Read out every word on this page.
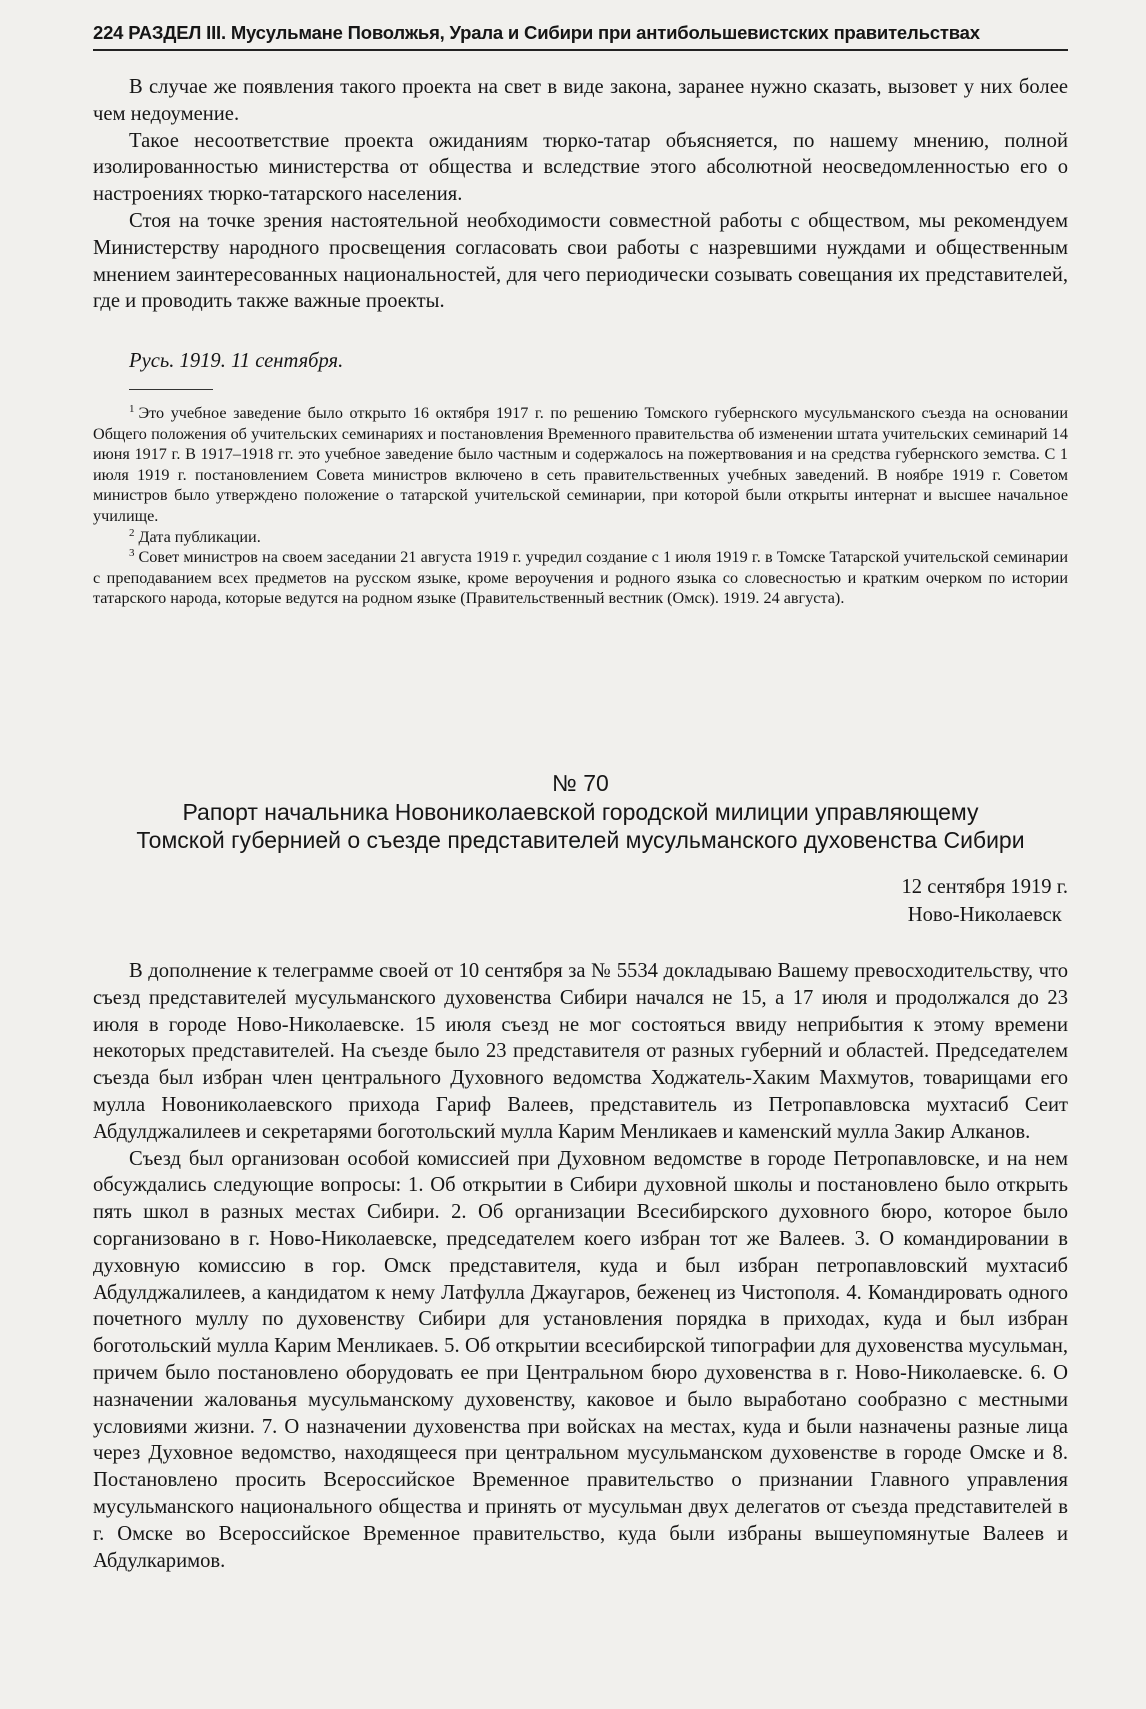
224 РАЗДЕЛ III. Мусульмане Поволжья, Урала и Сибири при антибольшевистских правительствах

В случае же появления такого проекта на свет в виде закона, заранее нужно сказать, вызовет у них более чем недоумение.

Такое несоответствие проекта ожиданиям тюрко-татар объясняется, по нашему мнению, полной изолированностью министерства от общества и вследствие этого абсолютной неосведомленностью его о настроениях тюрко-татарского населения.

Стоя на точке зрения настоятельной необходимости совместной работы с обществом, мы рекомендуем Министерству народного просвещения согласовать свои работы с назревшими нуждами и общественным мнением заинтересованных национальностей, для чего периодически созывать совещания их представителей, где и проводить также важные проекты.

Русь. 1919. 11 сентября.

$^1$ Это учебное заведение было открыто 16 октября 1917 г. по решению Томского губернского мусульманского съезда на основании Общего положения об учительских семинариях и постановления Временного правительства об изменении штата учительских семинарий 14 июня 1917 г. В 1917–1918 гг. это учебное заведение было частным и содержалось на пожертвования и на средства губернского земства. С 1 июля 1919 г. постановлением Совета министров включено в сеть правительственных учебных заведений. В ноябре 1919 г. Советом министров было утверждено положение о татарской учительской семинарии, при которой были открыты интернат и высшее начальное училище.

$^2$ Дата публикации.

$^3$ Совет министров на своем заседании 21 августа 1919 г. учредил создание с 1 июля 1919 г. в Томске Татарской учительской семинарии с преподаванием всех предметов на русском языке, кроме вероучения и родного языка со словесностью и кратким очерком по истории татарского народа, которые ведутся на родном языке (Правительственный вестник (Омск). 1919. 24 августа).

№ 70
Рапорт начальника Новониколаевской городской милиции управляющему
Томской губернией о съезде представителей мусульманского духовенства Сибири
12 сентября 1919 г.
Ново-Николаевск

В дополнение к телеграмме своей от 10 сентября за № 5534 докладываю Вашему превосходительству, что съезд представителей мусульманского духовенства Сибири начался не 15, а 17 июля и продолжался до 23 июля в городе Ново-Николаевске. 15 июля съезд не мог состояться ввиду неприбытия к этому времени некоторых представителей. На съезде было 23 представителя от разных губерний и областей. Председателем съезда был избран член центрального Духовного ведомства Ходжатель-Хаким Махмутов, товарищами его мулла Новониколаевского прихода Гариф Валеев, представитель из Петропавловска мухтасиб Сеит Абдулджалилеев и секретарями боготольский мулла Карим Менликаев и каменский мулла Закир Алканов.

Съезд был организован особой комиссией при Духовном ведомстве в городе Петропавловске, и на нем обсуждались следующие вопросы: 1. Об открытии в Сибири духовной школы и постановлено было открыть пять школ в разных местах Сибири. 2. Об организации Всесибирского духовного бюро, которое было сорганизовано в г. Ново-Николаевске, председателем коего избран тот же Валеев. 3. О командировании в духовную комиссию в гор. Омск представителя, куда и был избран петропавловский мухтасиб Абдулджалилеев, а кандидатом к нему Латфулла Джаугаров, беженец из Чистополя. 4. Командировать одного почетного муллу по духовенству Сибири для установления порядка в приходах, куда и был избран боготольский мулла Карим Менликаев. 5. Об открытии всесибирской типографии для духовенства мусульман, причем было постановлено оборудовать ее при Центральном бюро духовенства в г. Ново-Николаевске. 6. О назначении жалованья мусульманскому духовенству, каковое и было выработано сообразно с местными условиями жизни. 7. О назначении духовенства при войсках на местах, куда и были назначены разные лица через Духовное ведомство, находящееся при центральном мусульманском духовенстве в городе Омске и 8. Постановлено просить Всероссийское Временное правительство о признании Главного управления мусульманского национального общества и принять от мусульман двух делегатов от съезда представителей в г. Омске во Всероссийское Временное правительство, куда были избраны вышеупомянутые Валеев и Абдулкаримов.
